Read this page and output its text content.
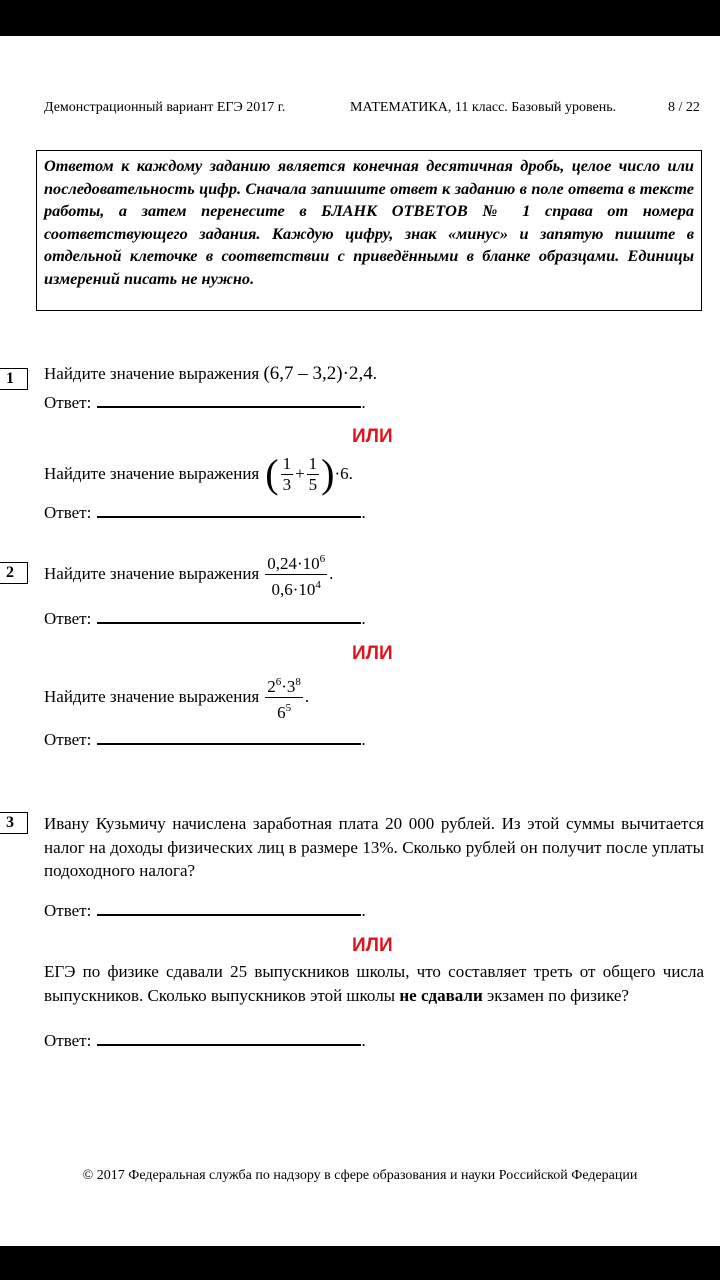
Демонстрационный вариант ЕГЭ 2017 г.	МАТЕМАТИКА, 11 класс. Базовый уровень.	8 / 22
Ответом к каждому заданию является конечная десятичная дробь, целое число или последовательность цифр. Сначала запишите ответ к заданию в поле ответа в тексте работы, а затем перенесите в БЛАНК ОТВЕТОВ № 1 справа от номера соответствующего задания. Каждую цифру, знак «минус» и запятую пишите в отдельной клеточке в соответствии с приведёнными в бланке образцами. Единицы измерений писать не нужно.
1	Найдите значение выражения (6,7 – 3,2)·2,4.
Ответ:	.
ИЛИ
Найдите значение выражения ( $\frac{1}{3} + \frac{1}{5}$ ) ·6 .
Ответ:	.
2	Найдите значение выражения $\frac{0,24\cdot 10^6}{0,6\cdot 10^4}$ .
Ответ:	.
ИЛИ
Найдите значение выражения $\frac{2^6\cdot 3^8}{6^5}$ .
Ответ:	.
3	Ивану Кузьмичу начислена заработная плата 20 000 рублей. Из этой суммы вычитается налог на доходы физических лиц в размере 13%. Сколько рублей он получит после уплаты подоходного налога?
Ответ:	.
ИЛИ
ЕГЭ по физике сдавали 25 выпускников школы, что составляет треть от общего числа выпускников. Сколько выпускников этой школы не сдавали экзамен по физике?
Ответ:	.
© 2017 Федеральная служба по надзору в сфере образования и науки Российской Федерации
